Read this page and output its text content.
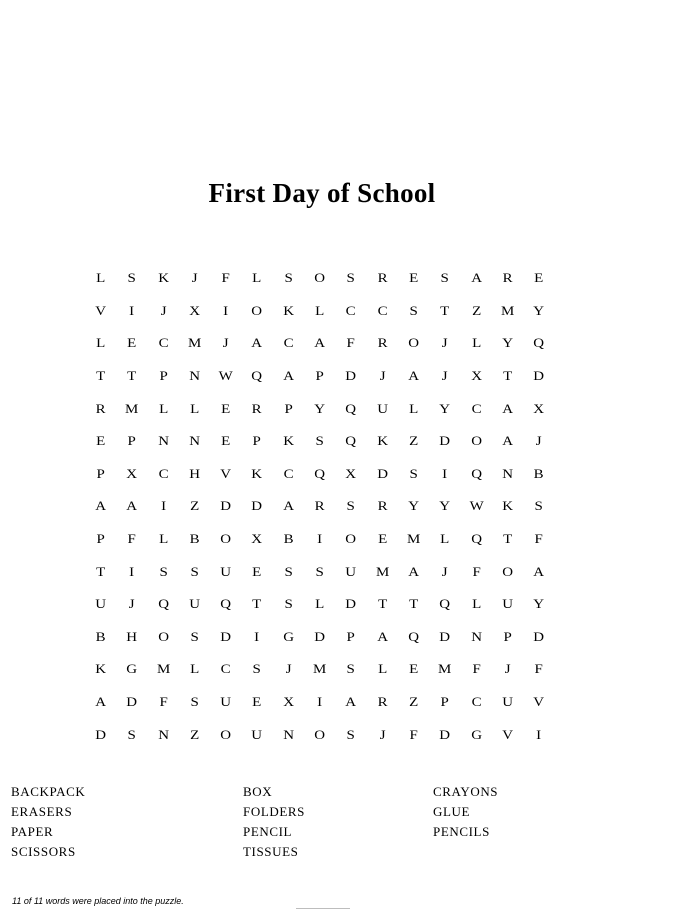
First Day of School
L	S	K	J	F	L	S	O	S	R	E	S	A	R	E
V	I	J	X	I	O	K	L	C	C	S	T	Z	M	Y
L	E	C	M	J	A	C	A	F	R	O	J	L	Y	Q
T	T	P	N	W	Q	A	P	D	J	A	J	X	T	D
R	M	L	L	E	R	P	Y	Q	U	L	Y	C	A	X
E	P	N	N	E	P	K	S	Q	K	Z	D	O	A	J
P	X	C	H	V	K	C	Q	X	D	S	I	Q	N	B
A	A	I	Z	D	D	A	R	S	R	Y	Y	W	K	S
P	F	L	B	O	X	B	I	O	E	M	L	Q	T	F
T	I	S	S	U	E	S	S	U	M	A	J	F	O	A
U	J	Q	U	Q	T	S	L	D	T	T	Q	L	U	Y
B	H	O	S	D	I	G	D	P	A	Q	D	N	P	D
K	G	M	L	C	S	J	M	S	L	E	M	F	J	F
A	D	F	S	U	E	X	I	A	R	Z	P	C	U	V
D	S	N	Z	O	U	N	O	S	J	F	D	G	V	I
BACKPACK	BOX	CRAYONS
ERASERS	FOLDERS	GLUE
PAPER	PENCIL	PENCILS
SCISSORS	TISSUES
11 of 11 words were placed into the puzzle.
